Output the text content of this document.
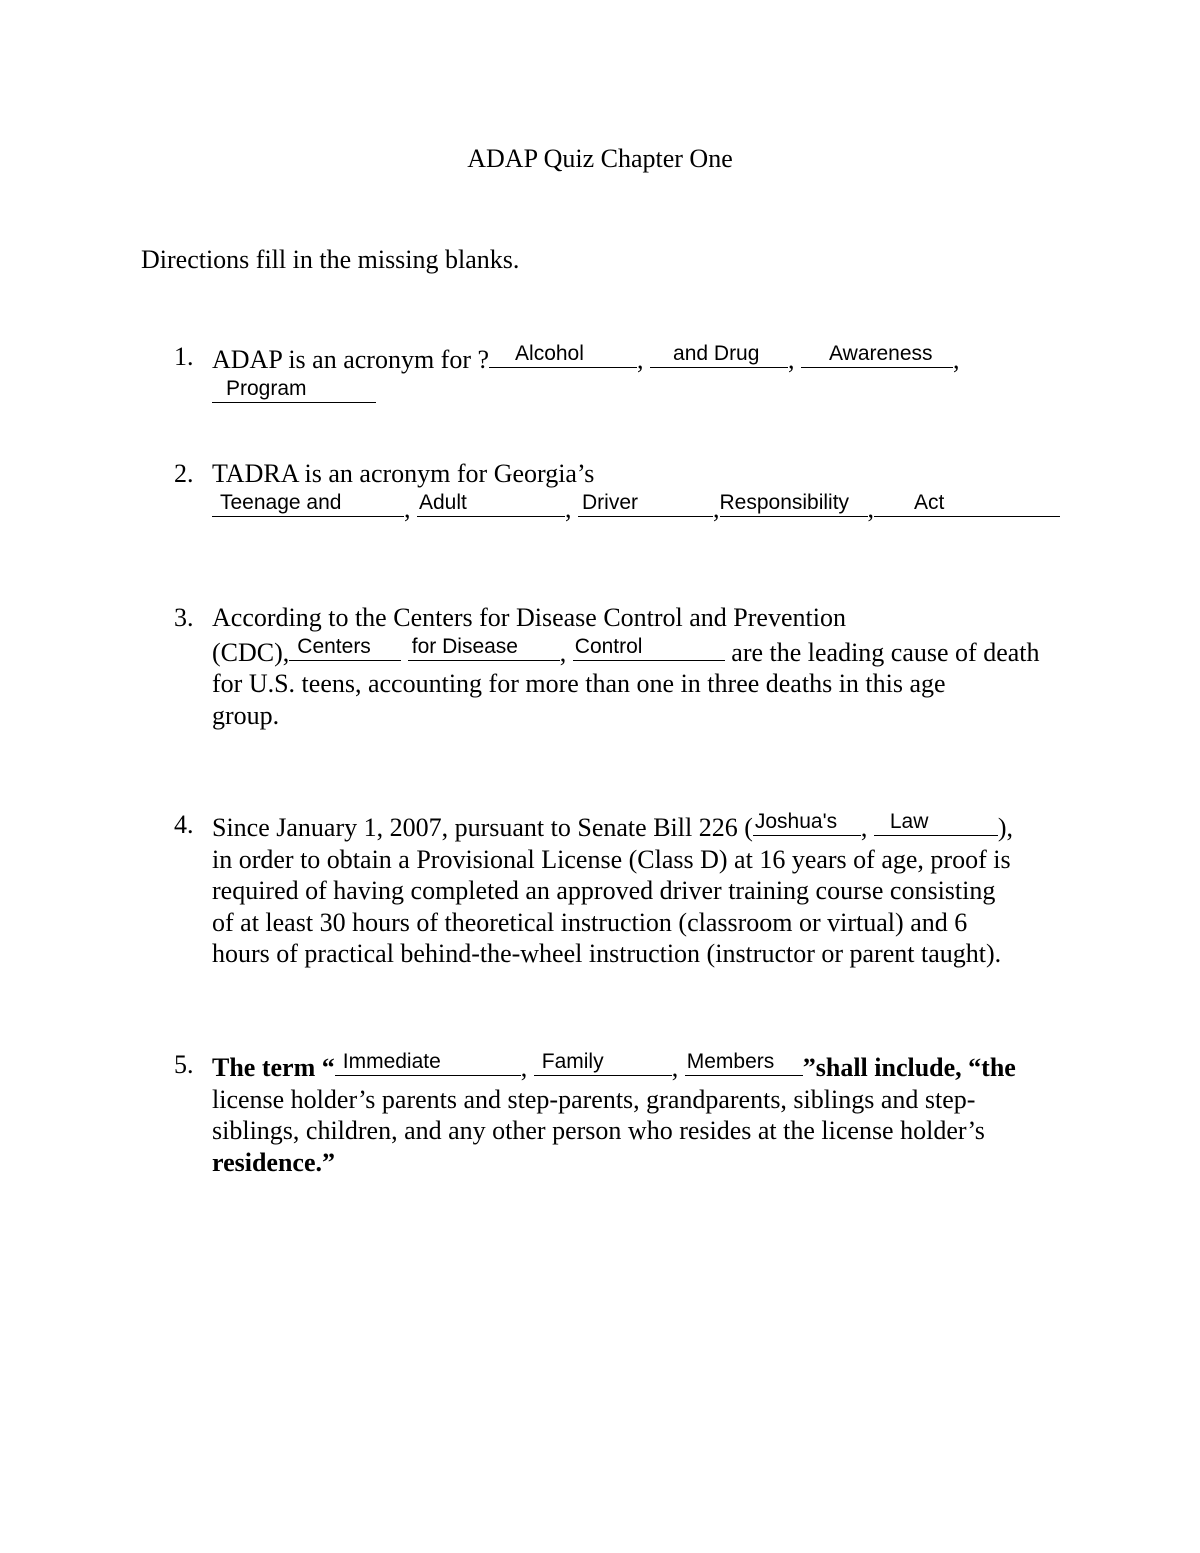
ADAP Quiz Chapter One
Directions fill in the missing blanks.
1. ADAP is an acronym for ? Alcohol	, and Drug	, Awareness ,

Program
2. TADRA is an acronym for Georgia’s

Teenage and	, Adult	, Driver	, Responsibility , Act
3. According to the Centers for Disease Control and Prevention
(CDC), Centers
	for Disease	, Control	are the leading cause of death
for U.S. teens, accounting for more than one in three deaths in this age
group.
4. Since January 1, 2007, pursuant to Senate Bill 226 ( Joshua's , Law	),
in order to obtain a Provisional License (Class D) at 16 years of age, proof is
required of having completed an approved driver training course consisting
of at least 30 hours of theoretical instruction (classroom or virtual) and 6
hours of practical behind-the-wheel instruction (instructor or parent taught).
5. The term “ Immediate	, Family	, Members	”shall include, “the
license holder’s parents and step-parents, grandparents, siblings and step-
siblings, children, and any other person who resides at the license holder’s
residence.”
